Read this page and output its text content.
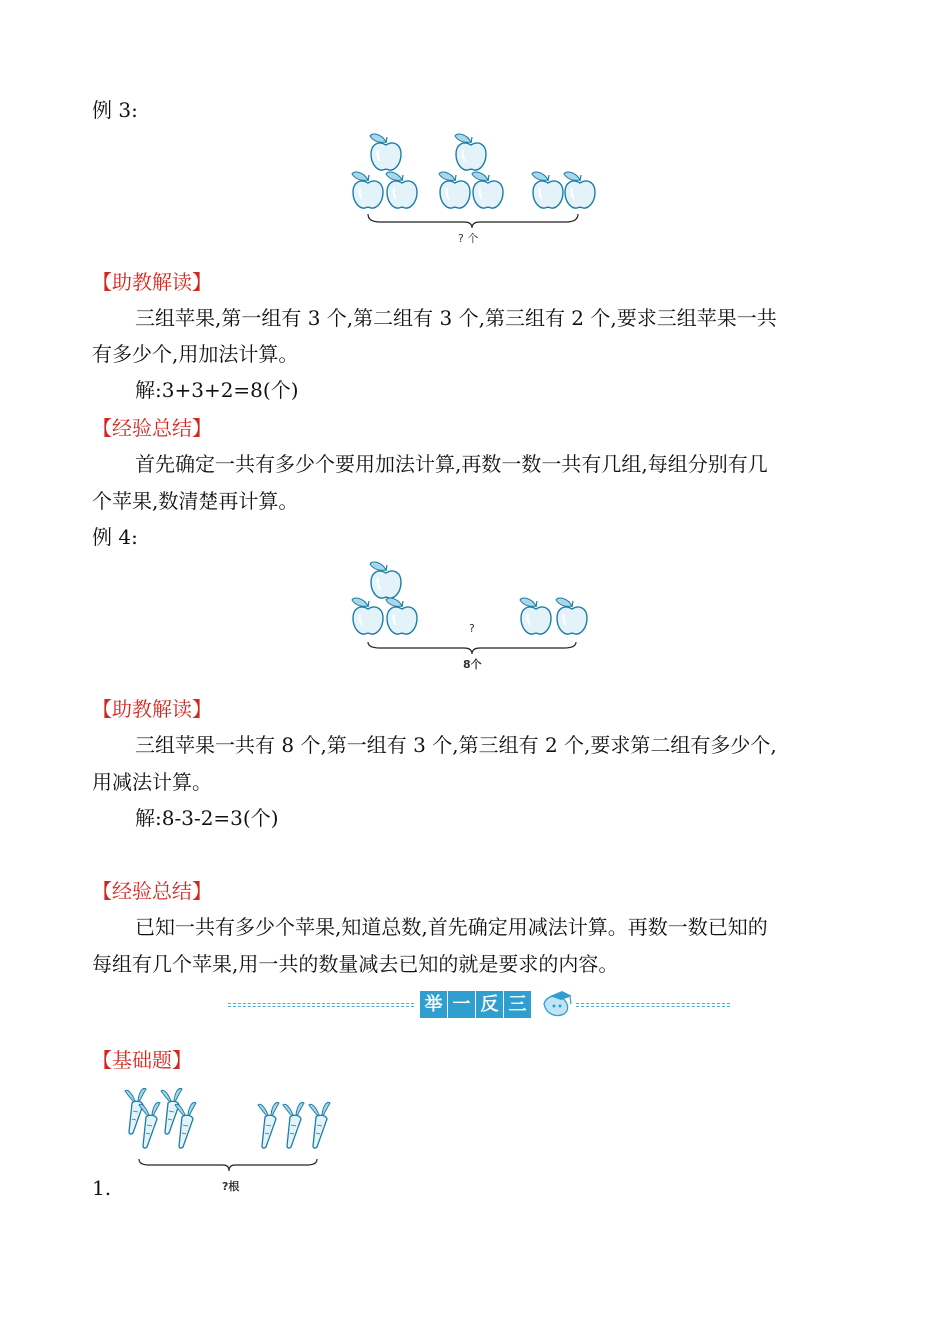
例 3:
? 个
【助教解读】
三组苹果,第一组有 3 个,第二组有 3 个,第三组有 2 个,要求三组苹果一共
有多少个,用加法计算。
解:3+3+2=8(个)
【经验总结】
首先确定一共有多少个要用加法计算,再数一数一共有几组,每组分别有几
个苹果,数清楚再计算。
例 4:
?
8个
【助教解读】
三组苹果一共有 8 个,第一组有 3 个,第三组有 2 个,要求第二组有多少个,
用减法计算。
解:8-3-2=3(个)
【经验总结】
已知一共有多少个苹果,知道总数,首先确定用减法计算。再数一数已知的
每组有几个苹果,用一共的数量减去已知的就是要求的内容。
举 一 反 三
【基础题】
?根
1.
